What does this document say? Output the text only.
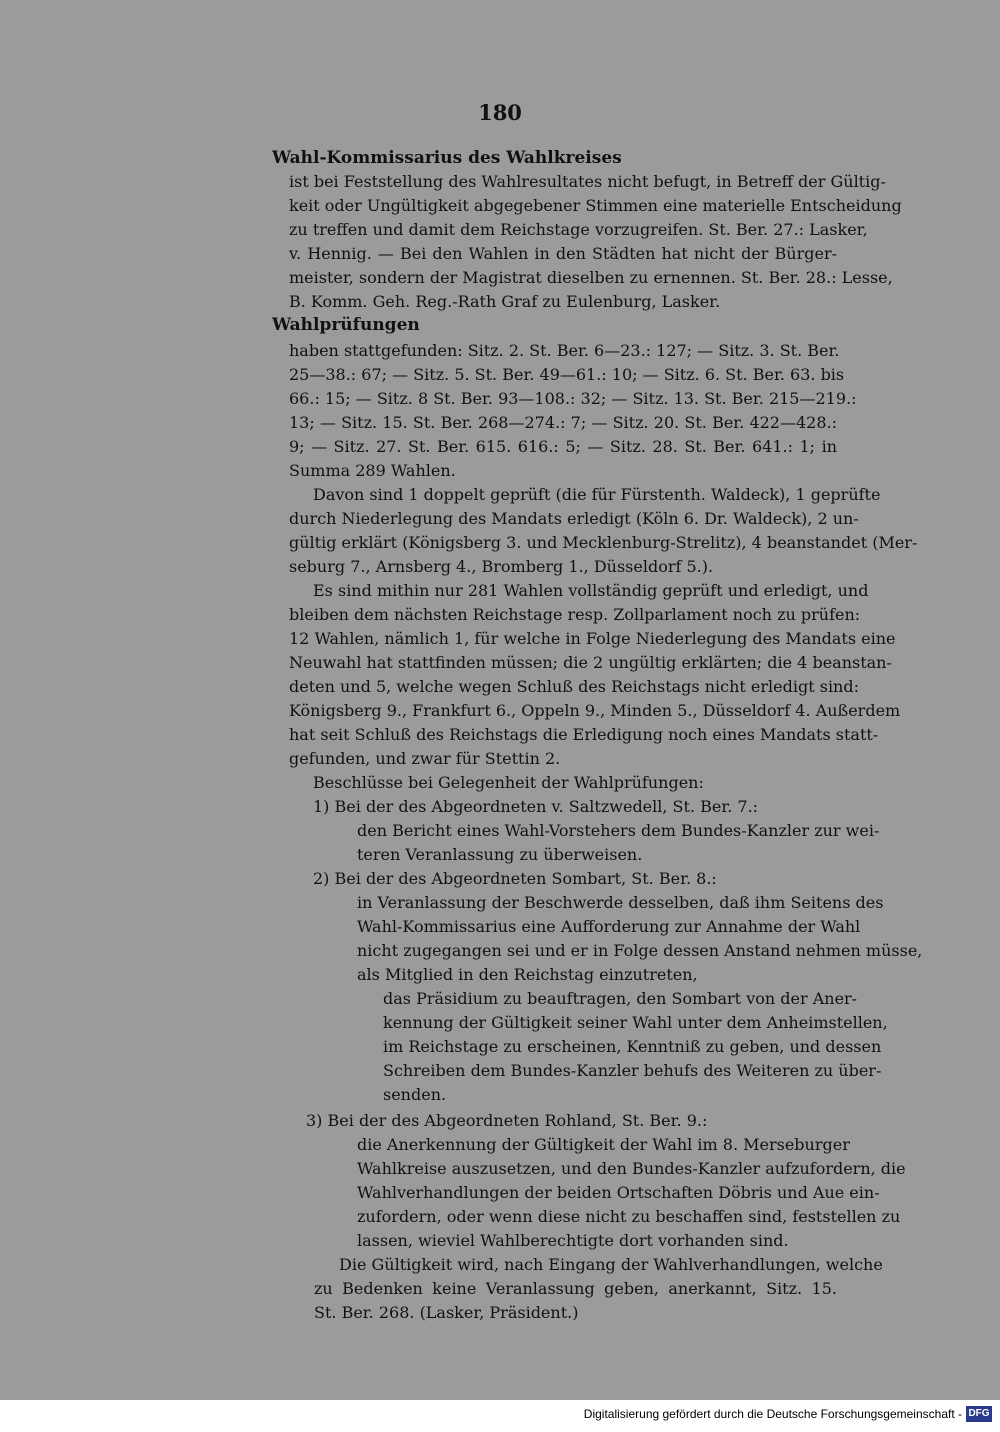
180
Wahl-Kommissarius des Wahlkreises
ist bei Feststellung des Wahlresultates nicht befugt, in Betreff der Gültig-
keit oder Ungültigkeit abgegebener Stimmen eine materielle Entscheidung
zu treffen und damit dem Reichstage vorzugreifen. St. Ber. 27.: Lasker,
v. Hennig. — Bei den Wahlen in den Städten hat nicht der Bürger-
meister, sondern der Magistrat dieselben zu ernennen. St. Ber. 28.: Lesse,
B. Komm. Geh. Reg.-Rath Graf zu Eulenburg, Lasker.
Wahlprüfungen
haben stattgefunden: Sitz. 2. St. Ber. 6—23.: 127; — Sitz. 3. St. Ber.
25—38.: 67; — Sitz. 5. St. Ber. 49—61.: 10; — Sitz. 6. St. Ber. 63. bis
66.: 15; — Sitz. 8 St. Ber. 93—108.: 32; — Sitz. 13. St. Ber. 215—219.:
13; — Sitz. 15. St. Ber. 268—274.: 7; — Sitz. 20. St. Ber. 422—428.:
9; — Sitz. 27. St. Ber. 615. 616.: 5; — Sitz. 28. St. Ber. 641.: 1; in
Summa 289 Wahlen.
Davon sind 1 doppelt geprüft (die für Fürstenth. Waldeck), 1 geprüfte
durch Niederlegung des Mandats erledigt (Köln 6. Dr. Waldeck), 2 un-
gültig erklärt (Königsberg 3. und Mecklenburg-Strelitz), 4 beanstandet (Mer-
seburg 7., Arnsberg 4., Bromberg 1., Düsseldorf 5.).
Es sind mithin nur 281 Wahlen vollständig geprüft und erledigt, und
bleiben dem nächsten Reichstage resp. Zollparlament noch zu prüfen:
12 Wahlen, nämlich 1, für welche in Folge Niederlegung des Mandats eine
Neuwahl hat stattfinden müssen; die 2 ungültig erklärten; die 4 beanstan-
deten und 5, welche wegen Schluß des Reichstags nicht erledigt sind:
Königsberg 9., Frankfurt 6., Oppeln 9., Minden 5., Düsseldorf 4. Außerdem
hat seit Schluß des Reichstags die Erledigung noch eines Mandats statt-
gefunden, und zwar für Stettin 2.
Beschlüsse bei Gelegenheit der Wahlprüfungen:
1) Bei der des Abgeordneten v. Saltzwedell, St. Ber. 7.:
den Bericht eines Wahl-Vorstehers dem Bundes-Kanzler zur wei-
teren Veranlassung zu überweisen.
2) Bei der des Abgeordneten Sombart, St. Ber. 8.:
in Veranlassung der Beschwerde desselben, daß ihm Seitens des
Wahl-Kommissarius eine Aufforderung zur Annahme der Wahl
nicht zugegangen sei und er in Folge dessen Anstand nehmen müsse,
als Mitglied in den Reichstag einzutreten,
das Präsidium zu beauftragen, den Sombart von der Aner-
kennung der Gültigkeit seiner Wahl unter dem Anheimstellen,
im Reichstage zu erscheinen, Kenntniß zu geben, und dessen
Schreiben dem Bundes-Kanzler behufs des Weiteren zu über-
senden.
3) Bei der des Abgeordneten Rohland, St. Ber. 9.:
die Anerkennung der Gültigkeit der Wahl im 8. Merseburger
Wahlkreise auszusetzen, und den Bundes-Kanzler aufzufordern, die
Wahlverhandlungen der beiden Ortschaften Döbris und Aue ein-
zufordern, oder wenn diese nicht zu beschaffen sind, feststellen zu
lassen, wieviel Wahlberechtigte dort vorhanden sind.
Die Gültigkeit wird, nach Eingang der Wahlverhandlungen, welche
zu Bedenken keine Veranlassung geben, anerkannt, Sitz. 15.
St. Ber. 268. (Lasker, Präsident.)
Digitalisierung gefördert durch die Deutsche Forschungsgemeinschaft - DFG
